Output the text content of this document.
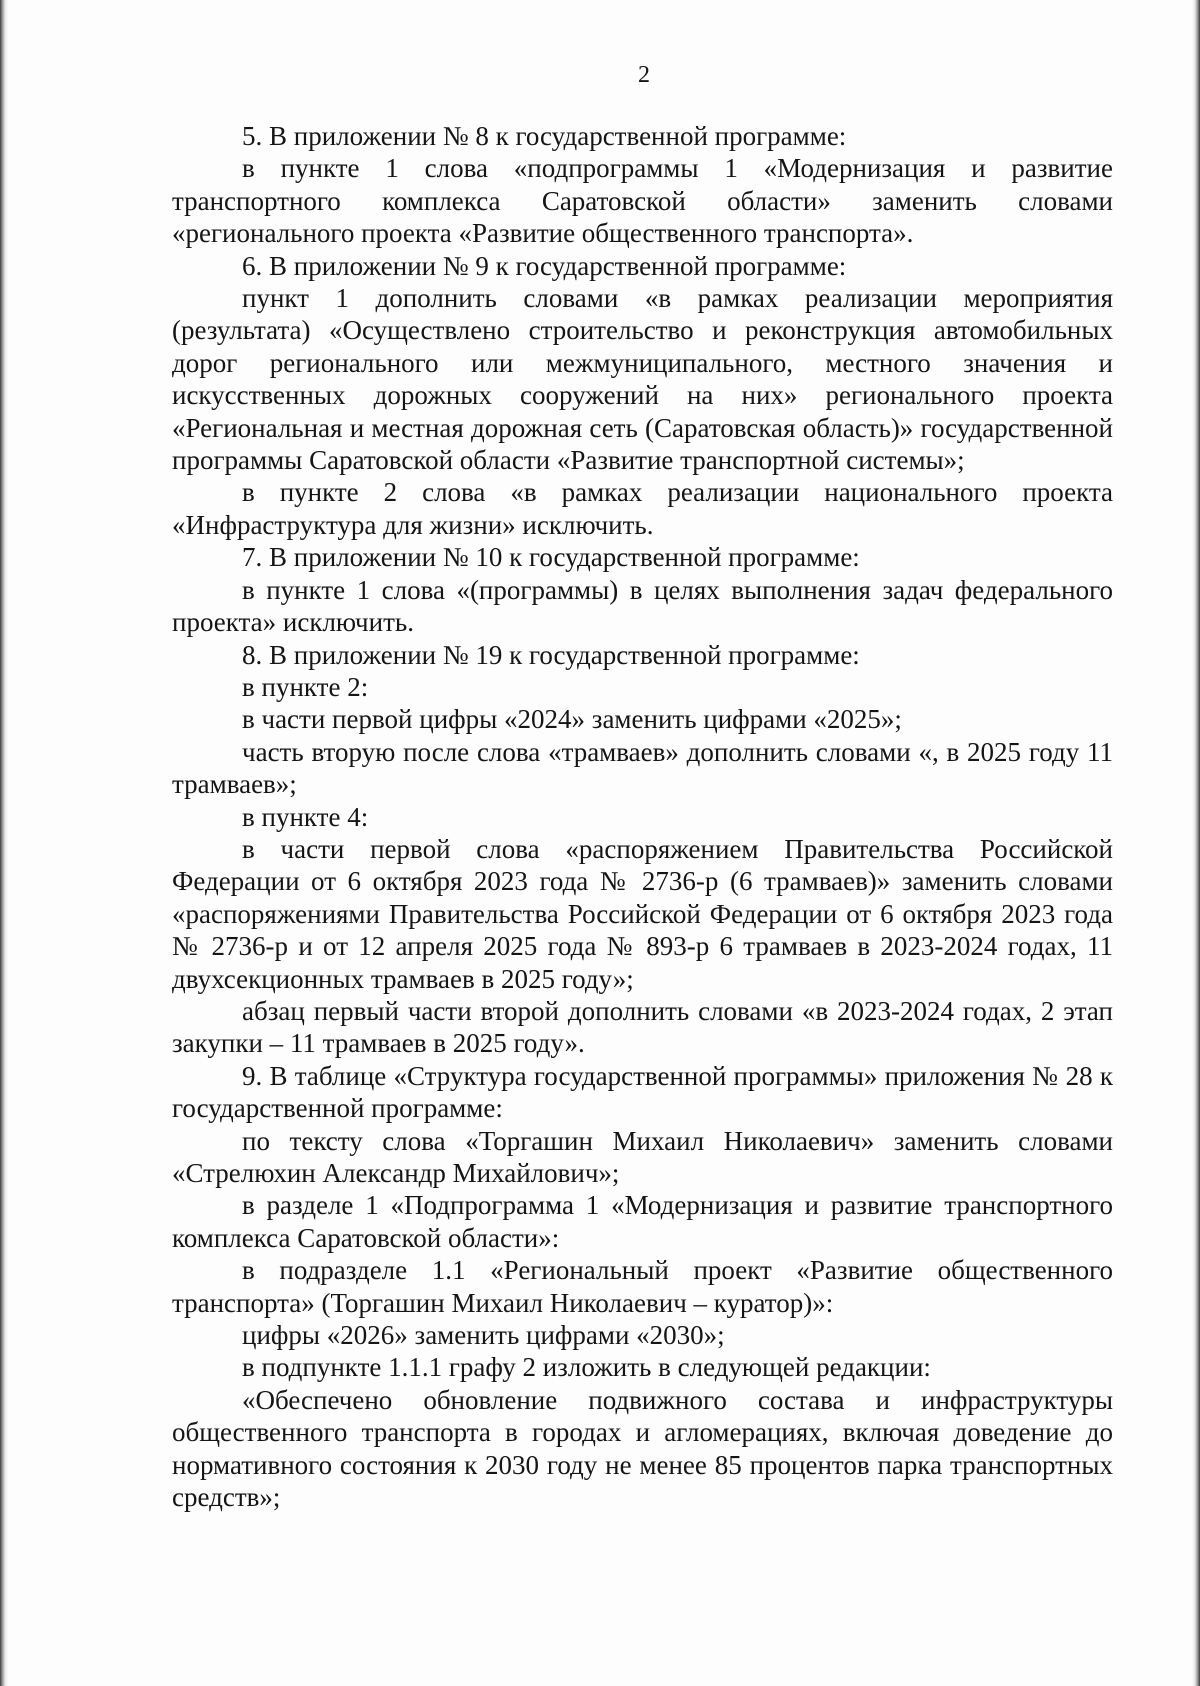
2

5. В приложении № 8 к государственной программе:

в пункте 1 слова «подпрограммы 1 «Модернизация и развитие транспортного комплекса Саратовской области» заменить словами «регионального проекта «Развитие общественного транспорта».

6. В приложении № 9 к государственной программе:

пункт 1 дополнить словами «в рамках реализации мероприятия (результата) «Осуществлено строительство и реконструкция автомобильных дорог регионального или межмуниципального, местного значения и искусственных дорожных сооружений на них» регионального проекта «Региональная и местная дорожная сеть (Саратовская область)» государственной программы Саратовской области «Развитие транспортной системы»;

в пункте 2 слова «в рамках реализации национального проекта «Инфраструктура для жизни» исключить.

7. В приложении № 10 к государственной программе:

в пункте 1 слова «(программы) в целях выполнения задач федерального проекта» исключить.

8. В приложении № 19 к государственной программе:

в пункте 2:

в части первой цифры «2024» заменить цифрами «2025»;

часть вторую после слова «трамваев» дополнить словами «, в 2025 году 11 трамваев»;

в пункте 4:

в части первой слова «распоряжением Правительства Российской Федерации от 6 октября 2023 года № 2736-р (6 трамваев)» заменить словами «распоряжениями Правительства Российской Федерации от 6 октября 2023 года № 2736-р и от 12 апреля 2025 года № 893-р 6 трамваев в 2023-2024 годах, 11 двухсекционных трамваев в 2025 году»;

абзац первый части второй дополнить словами «в 2023-2024 годах, 2 этап закупки – 11 трамваев в 2025 году».

9. В таблице «Структура государственной программы» приложения № 28 к государственной программе:

по тексту слова «Торгашин Михаил Николаевич» заменить словами «Стрелюхин Александр Михайлович»;

в разделе 1 «Подпрограмма 1 «Модернизация и развитие транспортного комплекса Саратовской области»:

в подразделе 1.1 «Региональный проект «Развитие общественного транспорта» (Торгашин Михаил Николаевич – куратор)»:

цифры «2026» заменить цифрами «2030»;

в подпункте 1.1.1 графу 2 изложить в следующей редакции:

«Обеспечено обновление подвижного состава и инфраструктуры общественного транспорта в городах и агломерациях, включая доведение до нормативного состояния к 2030 году не менее 85 процентов парка транспортных средств»;
